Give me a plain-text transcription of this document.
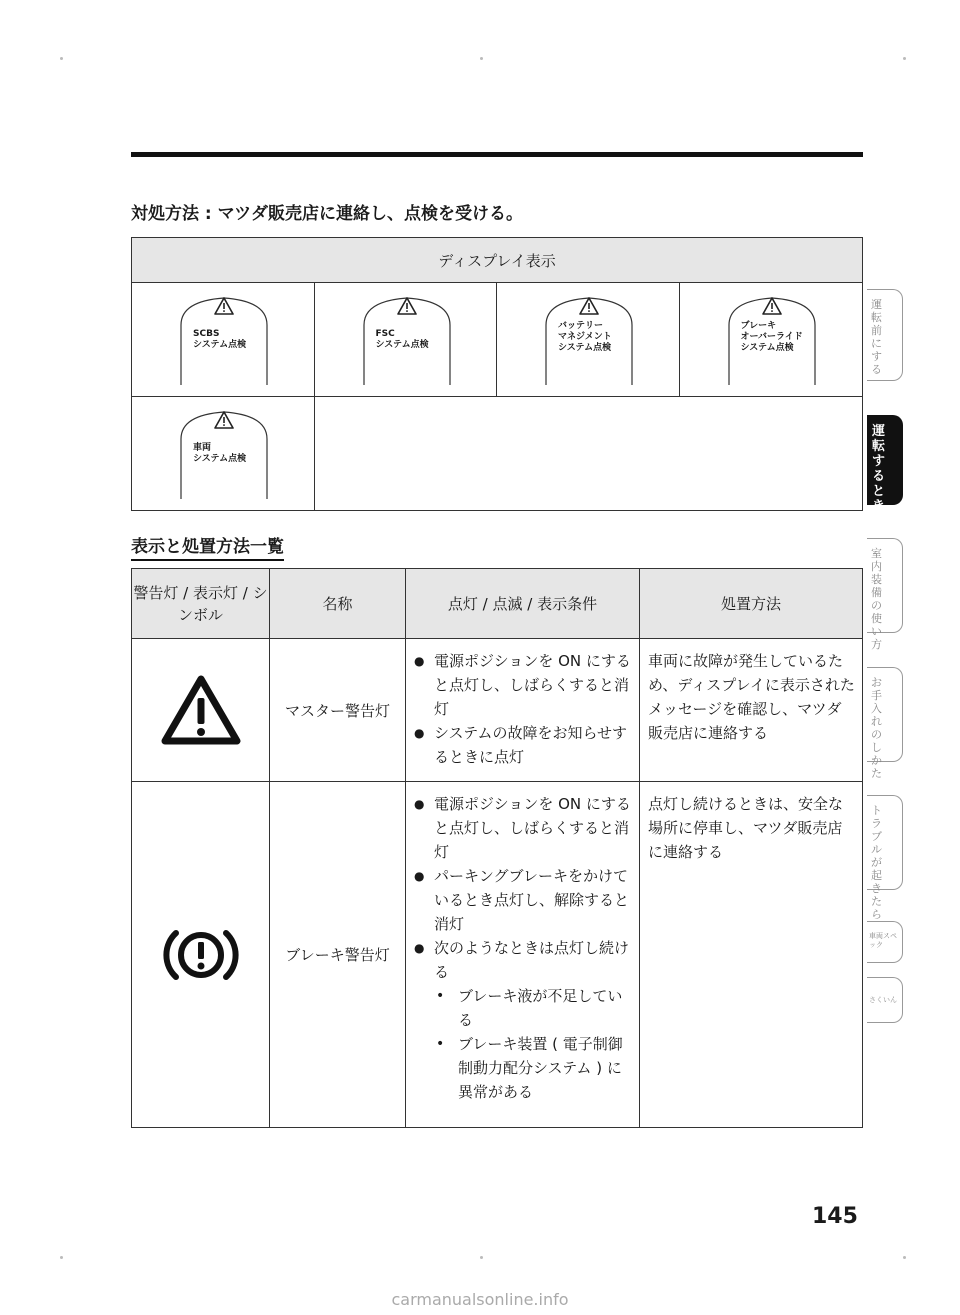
対処方法 : マツダ販売店に連絡し、点検を受ける。
ディスプレイ表示
SCBS
システム点検
FSC
システム点検
バッテリー
マネジメント
システム点検
ブレーキ
オーバーライド
システム点検
車両
システム点検
表示と処置方法一覧
警告灯 / 表示灯 / シンボル
名称	点灯 / 点滅 / 表示条件	処置方法
マスター警告灯
● 電源ポジションを ON にすると点灯し、しばらくすると消灯
● システムの故障をお知らせするときに点灯
車両に故障が発生しているため、ディスプレイに表示されたメッセージを確認し、マツダ販売店に連絡する
ブレーキ警告灯
● 電源ポジションを ON にすると点灯し、しばらくすると消灯
● パーキングブレーキをかけているとき点灯し、解除すると消灯
● 次のようなときは点灯し続ける
• ブレーキ液が不足している
• ブレーキ装置 ( 電子制御制動力配分システム ) に異常がある
点灯し続けるときは、安全な場所に停車し、マツダ販売店に連絡する
運転前にする
運転するときに
室内装備の使い方
お手入れのしかた
トラブルが起きたら
車両スペック
さくいん
145
carmanualsonline.info
